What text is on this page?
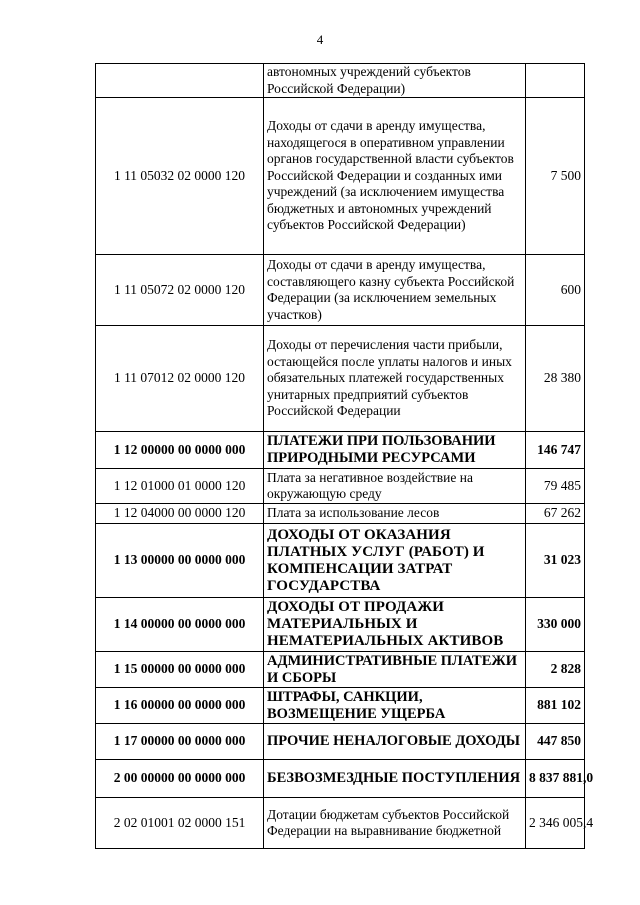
4
	автономных учреждений субъектов Российской Федерации)	
1 11 05032 02 0000 120	Доходы от сдачи в аренду имущества, находящегося в оперативном управлении органов государственной власти субъектов Российской Федерации и созданных ими учреждений (за исключением имущества бюджетных и автономных учреждений субъектов Российской Федерации)	7 500
1 11 05072 02 0000 120	Доходы от сдачи в аренду имущества, составляющего казну субъекта Российской Федерации (за исключением земельных участков)	600
1 11 07012 02 0000 120	Доходы от перечисления части прибыли, остающейся после уплаты налогов и иных обязательных платежей государственных унитарных предприятий субъектов Российской Федерации	28 380
1 12 00000 00 0000 000	ПЛАТЕЖИ ПРИ ПОЛЬЗОВАНИИ ПРИРОДНЫМИ РЕСУРСАМИ	146 747
1 12 01000 01 0000 120	Плата за негативное воздействие на окружающую среду	79 485
1 12 04000 00 0000 120	Плата за использование лесов	67 262
1 13 00000 00 0000 000	ДОХОДЫ ОТ ОКАЗАНИЯ ПЛАТНЫХ УСЛУГ (РАБОТ) И КОМПЕНСАЦИИ ЗАТРАТ ГОСУДАРСТВА	31 023
1 14 00000 00 0000 000	ДОХОДЫ ОТ ПРОДАЖИ МАТЕРИАЛЬНЫХ И НЕМАТЕРИАЛЬНЫХ АКТИВОВ	330 000
1 15 00000 00 0000 000	АДМИНИСТРАТИВНЫЕ ПЛАТЕЖИ И СБОРЫ	2 828
1 16 00000 00 0000 000	ШТРАФЫ, САНКЦИИ, ВОЗМЕЩЕНИЕ УЩЕРБА	881 102
1 17 00000 00 0000 000	ПРОЧИЕ НЕНАЛОГОВЫЕ ДОХОДЫ	447 850
2 00 00000 00 0000 000	БЕЗВОЗМЕЗДНЫЕ ПОСТУПЛЕНИЯ	8 837 881,0
2 02 01001 02 0000 151	Дотации бюджетам субъектов Российской Федерации на выравнивание бюджетной	2 346 005,4
